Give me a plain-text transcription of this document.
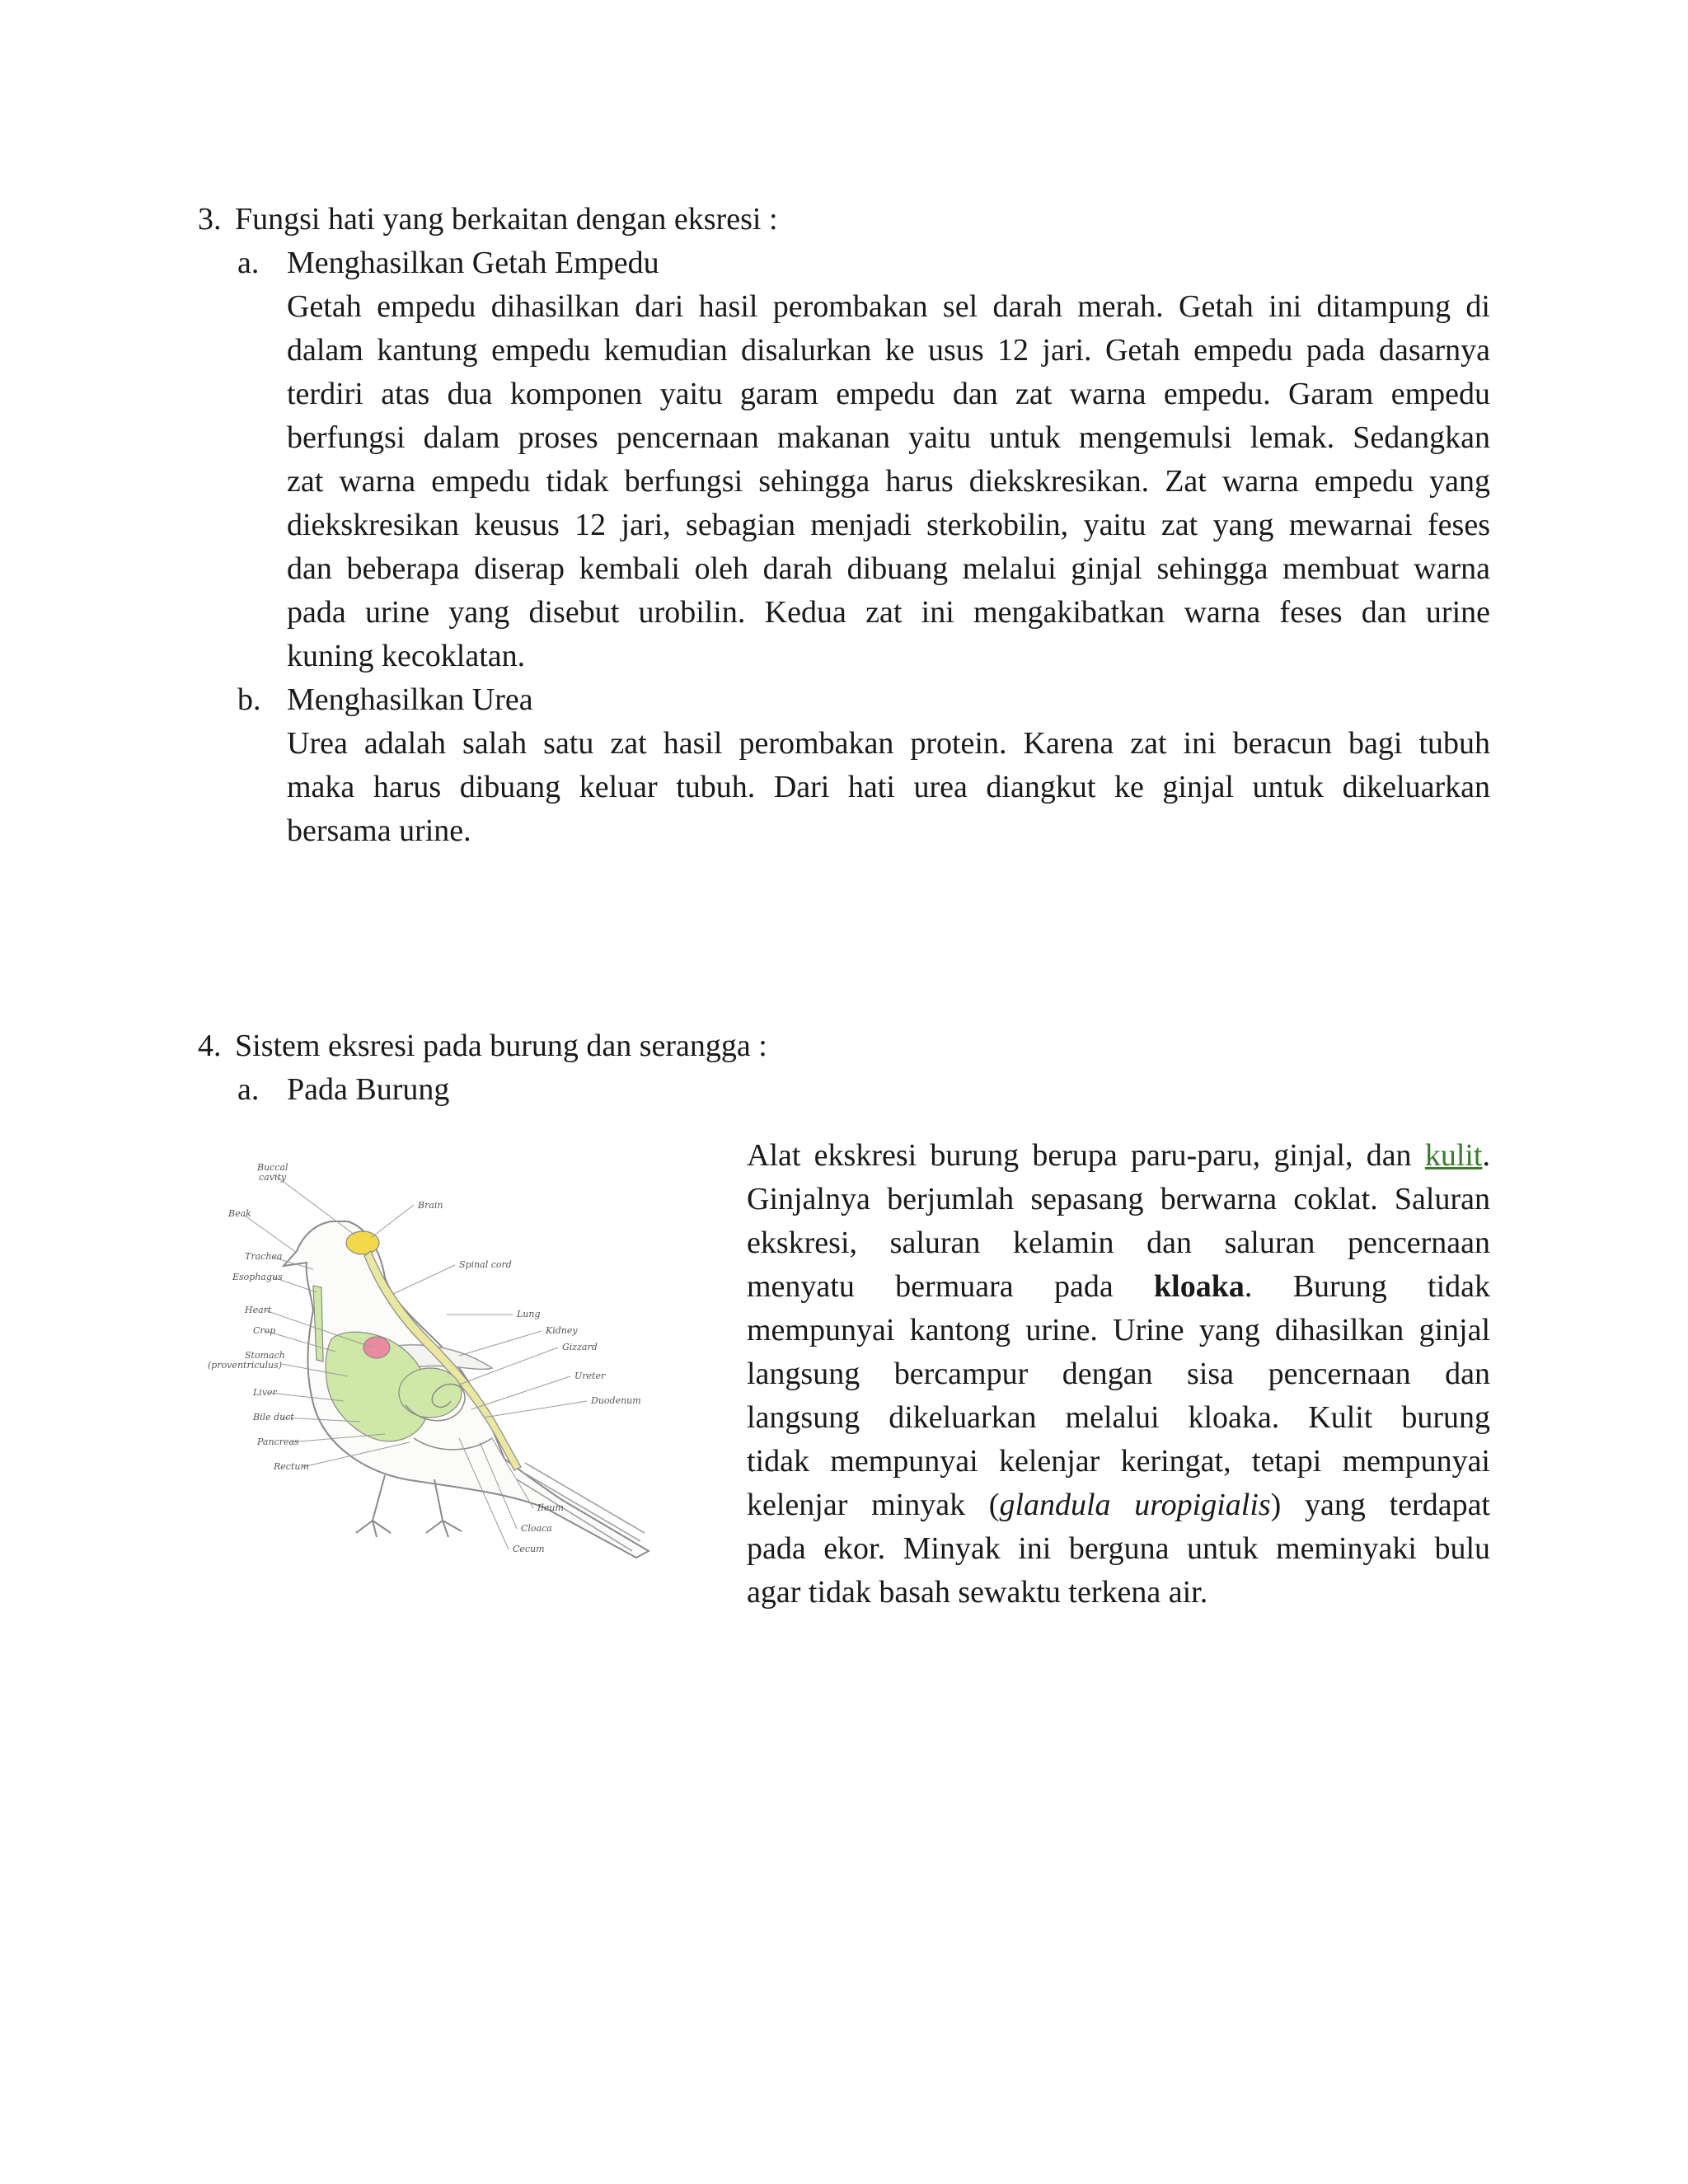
3. Fungsi hati yang berkaitan dengan eksresi :
a. Menghasilkan Getah Empedu
Getah empedu dihasilkan dari hasil perombakan sel darah merah. Getah ini ditampung di
dalam kantung empedu kemudian disalurkan ke usus 12 jari. Getah empedu pada dasarnya
terdiri atas dua komponen yaitu garam empedu dan zat warna empedu. Garam empedu
berfungsi dalam proses pencernaan makanan yaitu untuk mengemulsi lemak. Sedangkan
zat warna empedu tidak berfungsi sehingga harus diekskresikan. Zat warna empedu yang
diekskresikan keusus 12 jari, sebagian menjadi sterkobilin, yaitu zat yang mewarnai feses
dan beberapa diserap kembali oleh darah dibuang melalui ginjal sehingga membuat warna
pada urine yang disebut urobilin. Kedua zat ini mengakibatkan warna feses dan urine
kuning kecoklatan.
b. Menghasilkan Urea
Urea adalah salah satu zat hasil perombakan protein. Karena zat ini beracun bagi tubuh
maka harus dibuang keluar tubuh. Dari hati urea diangkut ke ginjal untuk dikeluarkan
bersama urine.
4. Sistem eksresi pada burung dan serangga :
a. Pada Burung
Buccal
cavity
Beak
Trachea
Esophagus
Heart
Crop
Stomach
(proventriculus)
Liver
Bile duct
Pancreas
Rectum
Brain
Spinal cord
Lung
Kidney
Gizzard
Ureter
Duodenum
Ileum
Cloaca
Cecum
Alat ekskresi burung berupa paru-paru, ginjal, dan kulit.
Ginjalnya berjumlah sepasang berwarna coklat. Saluran
ekskresi, saluran kelamin dan saluran pencernaan
menyatu bermuara pada kloaka. Burung tidak
mempunyai kantong urine. Urine yang dihasilkan ginjal
langsung bercampur dengan sisa pencernaan dan
langsung dikeluarkan melalui kloaka. Kulit burung
tidak mempunyai kelenjar keringat, tetapi mempunyai
kelenjar minyak (glandula uropigialis) yang terdapat
pada ekor. Minyak ini berguna untuk meminyaki bulu
agar tidak basah sewaktu terkena air.
